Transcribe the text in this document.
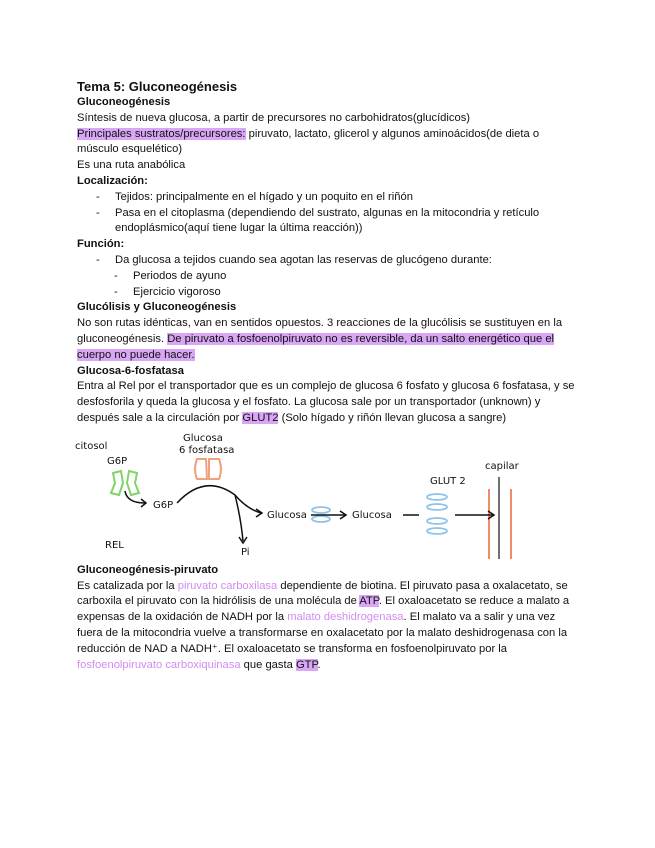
Tema 5: Gluconeogénesis

Gluconeogénesis

Síntesis de nueva glucosa, a partir de precursores no carbohidratos(glucídicos)

Principales sustratos/precursores: piruvato, lactato, glicerol y algunos aminoácidos(de dieta o músculo esquelético)

Es una ruta anabólica

Localización:

- Tejidos: principalmente en el hígado y un poquito en el riñón
- Pasa en el citoplasma (dependiendo del sustrato, algunas en la mitocondria y retículo endoplásmico(aquí tiene lugar la última reacción))

Función:

- Da glucosa a tejidos cuando sea agotan las reservas de glucógeno durante:
- Periodos de ayuno
- Ejercicio vigoroso

Glucólisis y Gluconeogénesis

No son rutas idénticas, van en sentidos opuestos. 3 reacciones de la glucólisis se sustituyen en la gluconeogénesis. De piruvato a fosfoenolpiruvato no es reversible, da un salto energético que el cuerpo no puede hacer.

Glucosa-6-fosfatasa

Entra al Rel por el transportador que es un complejo de glucosa 6 fosfato y glucosa 6 fosfatasa, y se desfosforila y queda la glucosa y el fosfato. La glucosa sale por un transportador (unknown) y después sale a la circulación por GLUT2 (Solo hígado y riñón llevan glucosa a sangre)

citosol
G6P
Glucosa
6 fosfatasa
G6P
Glucosa	Glucosa
GLUT 2
capilar
Pi
REL

Gluconeogénesis-piruvato

Es catalizada por la piruvato carboxilasa dependiente de biotina. El piruvato pasa a oxalacetato, se carboxila el piruvato con la hidrólisis de una molécula de ATP. El oxaloacetato se reduce a malato a expensas de la oxidación de NADH por la malato deshidrogenasa. El malato va a salir y una vez fuera de la mitocondria vuelve a transformarse en oxalacetato por la malato deshidrogenasa con la reducción de NAD a NADH⁺. El oxaloacetato se transforma en fosfoenolpiruvato por la fosfoenolpiruvato carboxiquinasa que gasta GTP.
